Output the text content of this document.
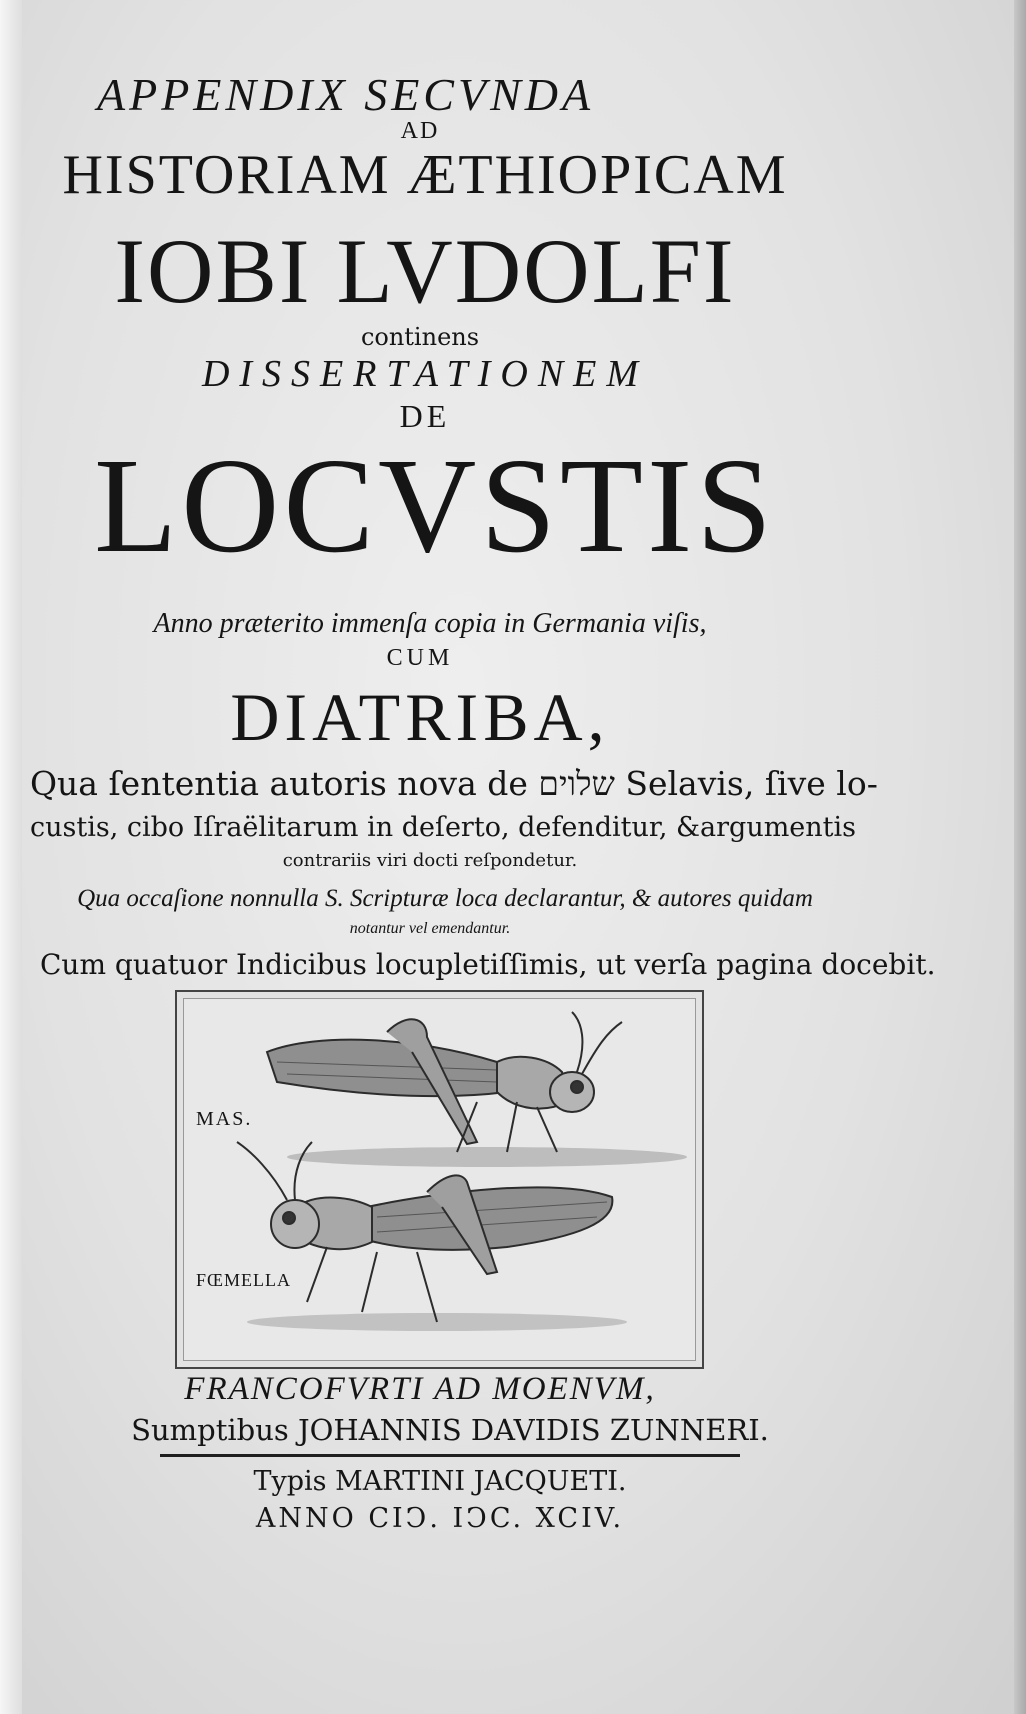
APPENDIX SECVNDA
AD
HISTORIAM ÆTHIOPICAM
IOBI LVDOLFI
continens
DISSERTATIONEM
DE
LOCVSTIS
Anno præterito immenſa copia in Germania viſis,
CUM
DIATRIBA,
Qua ſententia autoris nova de שלוים Selavis, ſive lo-
custis, cibo Iſraëlitarum in deſerto, defenditur, &argumentis
contrariis viri docti reſpondetur.
Qua occaſione nonnulla S. Scripturæ loca declarantur, & autores quidam
notantur vel emendantur.
Cum quatuor Indicibus locupletiſſimis, ut verſa pagina docebit.
MAS.
FŒMELLA
FRANCOFVRTI AD MOENVM,
Sumptibus JOHANNIS DAVIDIS ZUNNERI.
Typis MARTINI JACQUETI.
ANNO CIↃ. IↃC. XCIV.
